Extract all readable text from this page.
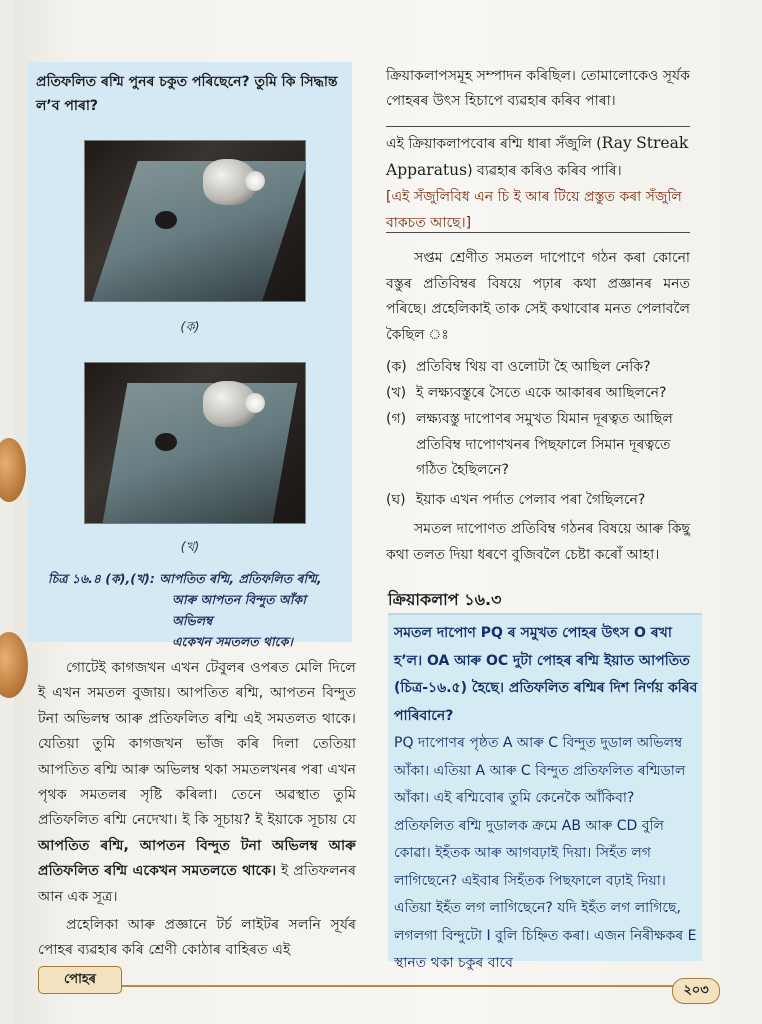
প্ৰতিফলিত ৰশ্মি পুনৰ চকুত পৰিছেনে? তুমি কি সিদ্ধান্ত ল’ব পাৰা?
(ক)
(খ)
চিত্ৰ ১৬.৪ (ক),(খ): আপতিত ৰশ্মি, প্ৰতিফলিত ৰশ্মি,
আৰু আপতন বিন্দুত আঁকা অভিলম্ব
একেখন সমতলত থাকে।

গোটেই কাগজখন এখন টেবুলৰ ওপৰত মেলি দিলে ই এখন সমতল বুজায়। আপতিত ৰশ্মি, আপতন বিন্দুত টনা অভিলম্ব আৰু প্ৰতিফলিত ৰশ্মি এই সমতলত থাকে। যেতিয়া তুমি কাগজখন ভাঁজ কৰি দিলা তেতিয়া আপতিত ৰশ্মি আৰু অভিলম্ব থকা সমতলখনৰ পৰা এখন পৃথক সমতলৰ সৃষ্টি কৰিলা। তেনে অৱস্থাত তুমি প্ৰতিফলিত ৰশ্মি নেদেখা। ই কি সূচায়? ই ইয়াকে সূচায় যে আপতিত ৰশ্মি, আপতন বিন্দুত টনা অভিলম্ব আৰু প্ৰতিফলিত ৰশ্মি একেখন সমতলতে থাকে। ই প্ৰতিফলনৰ আন এক সূত্ৰ।

প্ৰহেলিকা আৰু প্ৰজ্ঞানে টৰ্চ লাইটৰ সলনি সূৰ্যৰ পোহৰ ব্যৱহাৰ কৰি শ্ৰেণী কোঠাৰ বাহিৰত এই

ক্ৰিয়াকলাপসমূহ সম্পাদন কৰিছিল। তোমালোকেও সূৰ্যক পোহৰৰ উৎস হিচাপে ব্যৱহাৰ কৰিব পাৰা।
এই ক্ৰিয়াকলাপবোৰ ৰশ্মি ধাৰা সঁজুলি (Ray Streak Apparatus) ব্যৱহাৰ কৰিও কৰিব পাৰি।
[এই সঁজুলিবিধ এন চি ই আৰ টিয়ে প্ৰস্তুত কৰা সঁজুলি বাকচত আছে।]

সপ্তম শ্ৰেণীত সমতল দাপোণে গঠন কৰা কোনো বস্তুৰ প্ৰতিবিম্বৰ বিষয়ে পঢ়াৰ কথা প্ৰজ্ঞানৰ মনত পৰিছে। প্ৰহেলিকাই তাক সেই কথাবোৰ মনত পেলাবলৈ কৈছিল ঃ

(ক) প্ৰতিবিম্ব থিয় বা ওলোটা হৈ আছিল নেকি?
(খ) ই লক্ষ্যবস্তুৰে সৈতে একে আকাৰৰ আছিলনে?
(গ) লক্ষ্যবস্তু দাপোণৰ সমুখত যিমান দূৰত্বত আছিল প্ৰতিবিম্ব দাপোণখনৰ পিছফালে সিমান দূৰত্বতে গঠিত হৈছিলনে?
(ঘ) ইয়াক এখন পৰ্দাত পেলাব পৰা গৈছিলনে?
সমতল দাপোণত প্ৰতিবিম্ব গঠনৰ বিষয়ে আৰু কিছু কথা তলত দিয়া ধৰণে বুজিবলৈ চেষ্টা কৰোঁ আহা।
ক্ৰিয়াকলাপ ১৬.৩

সমতল দাপোণ PQ ৰ সমুখত পোহৰ উৎস O ৰখা হ’ল। OA আৰু OC দুটা পোহৰ ৰশ্মি ইয়াত আপতিত (চিত্ৰ-১৬.৫) হৈছে। প্ৰতিফলিত ৰশ্মিৰ দিশ নিৰ্ণয় কৰিব পাৰিবানে?

PQ দাপোণৰ পৃষ্ঠত A আৰু C বিন্দুত দুডাল অভিলম্ব আঁকা। এতিয়া A আৰু C বিন্দুত প্ৰতিফলিত ৰশ্মিডাল আঁকা। এই ৰশ্মিবোৰ তুমি কেনেকৈ আঁকিবা? প্ৰতিফলিত ৰশ্মি দুডালক ক্ৰমে AB আৰু CD বুলি কোৱা। ইহঁতক আৰু আগবঢ়াই দিয়া। সিহঁত লগ লাগিছেনে? এইবাৰ সিহঁতক পিছফালে বঢ়াই দিয়া। এতিয়া ইহঁত লগ লাগিছেনে? যদি ইহঁত লগ লাগিছে, লগলগা বিন্দুটো I বুলি চিহ্নিত কৰা। এজন নিৰীক্ষকৰ E স্থানত থকা চকুৰ বাবে

পোহৰ
২০৩
